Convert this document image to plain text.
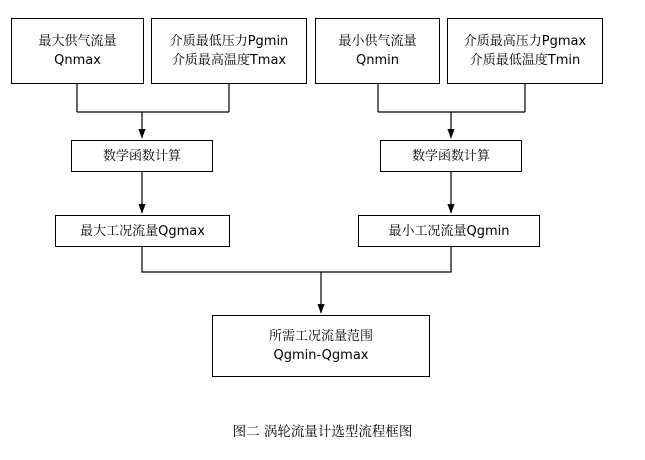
最大供气流量
Qnmax
介质最低压力Pgmin
介质最高温度Tmax
最小供气流量
Qnmin
介质最高压力Pgmax
介质最低温度Tmin
数学函数计算	数学函数计算
最大工况流量Qgmax	最小工况流量Qgmin
所需工况流量范围
Qgmin-Qgmax
图二 涡轮流量计选型流程框图
